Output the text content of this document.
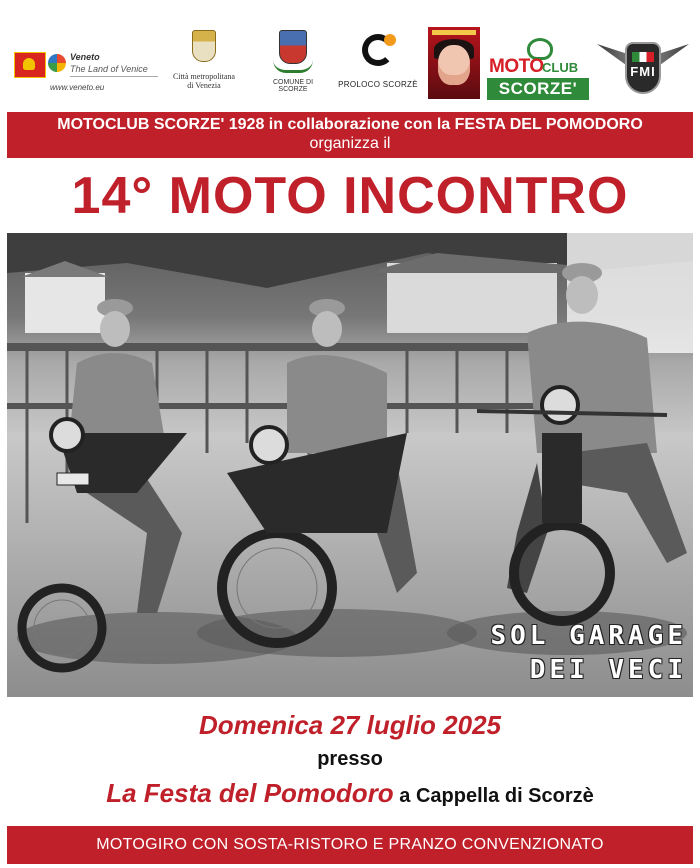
Veneto
The Land of Venice
www.veneto.eu
Città metropolitana
di Venezia	COMUNE DI SCORZE
PROLOCO SCORZÈ
MOTO
CLUB
SCORZE'
FMI
MOTOCLUB SCORZE' 1928 in collaborazione con la FESTA DEL POMODORO
organizza il
14° MOTO INCONTRO
SOL GARAGE
DEI VECI
Domenica 27 luglio 2025
presso
La Festa del Pomodoro a Cappella di Scorzè
MOTOGIRO CON SOSTA-RISTORO E PRANZO CONVENZIONATO
